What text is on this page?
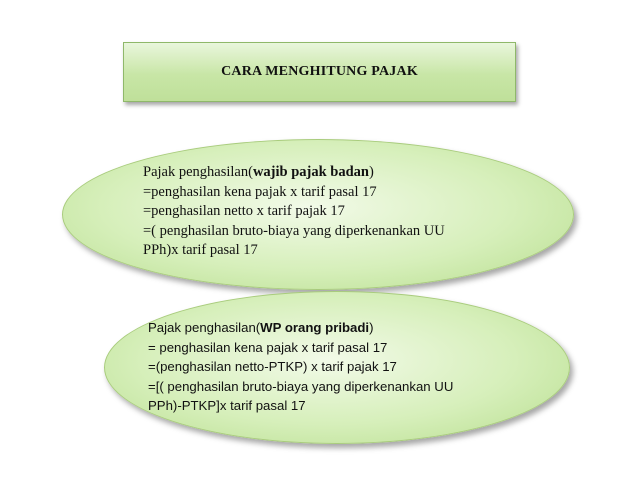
CARA MENGHITUNG PAJAK
Pajak penghasilan(wajib pajak badan)
=penghasilan kena pajak x tarif pasal 17
=penghasilan netto x tarif pajak 17
=( penghasilan bruto-biaya yang diperkenankan UU
PPh)x tarif pasal 17
Pajak penghasilan(WP orang pribadi)
= penghasilan kena pajak x tarif pasal 17
=(penghasilan netto-PTKP) x tarif pajak 17
=[( penghasilan bruto-biaya yang diperkenankan UU
PPh)-PTKP]x tarif pasal 17
